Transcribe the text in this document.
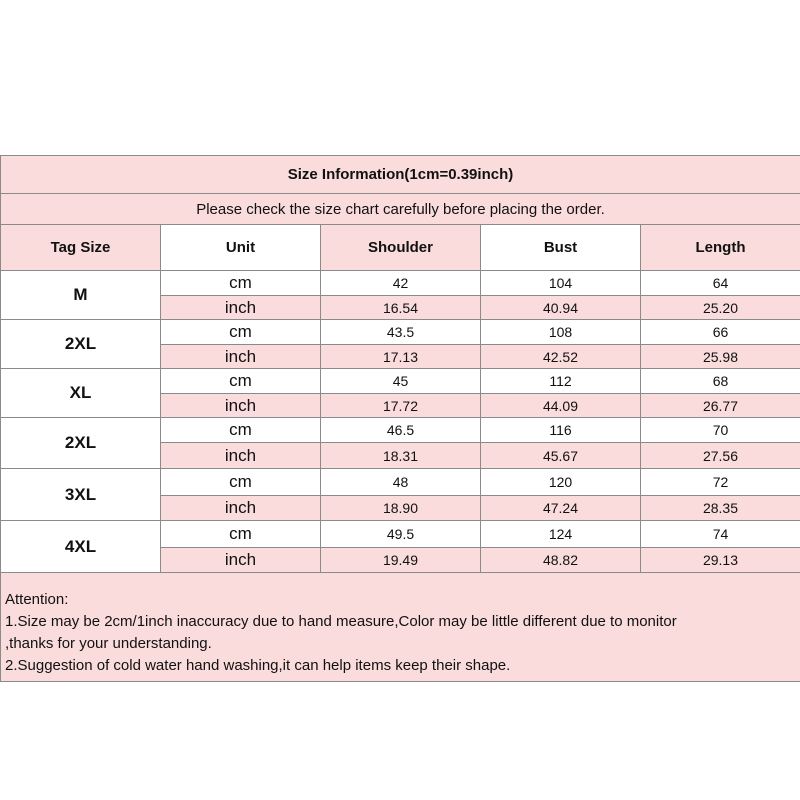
Size Information(1cm=0.39inch)				
Please check the size chart carefully before placing the order.				
Tag Size	Unit	Shoulder	Bust	Length
M	cm	42	104	64
	inch	16.54	40.94	25.20
2XL	cm	43.5	108	66
	inch	17.13	42.52	25.98
XL	cm	45	112	68
	inch	17.72	44.09	26.77
2XL	cm	46.5	116	70
	inch	18.31	45.67	27.56
3XL	cm	48	120	72
	inch	18.90	47.24	28.35
4XL	cm	49.5	124	74
	inch	19.49	48.82	29.13

Attention:
1.Size may be 2cm/1inch inaccuracy due to hand measure,Color may be little different due to monitor
,thanks for your understanding.
2.Suggestion of cold water hand washing,it can help items keep their shape.				
